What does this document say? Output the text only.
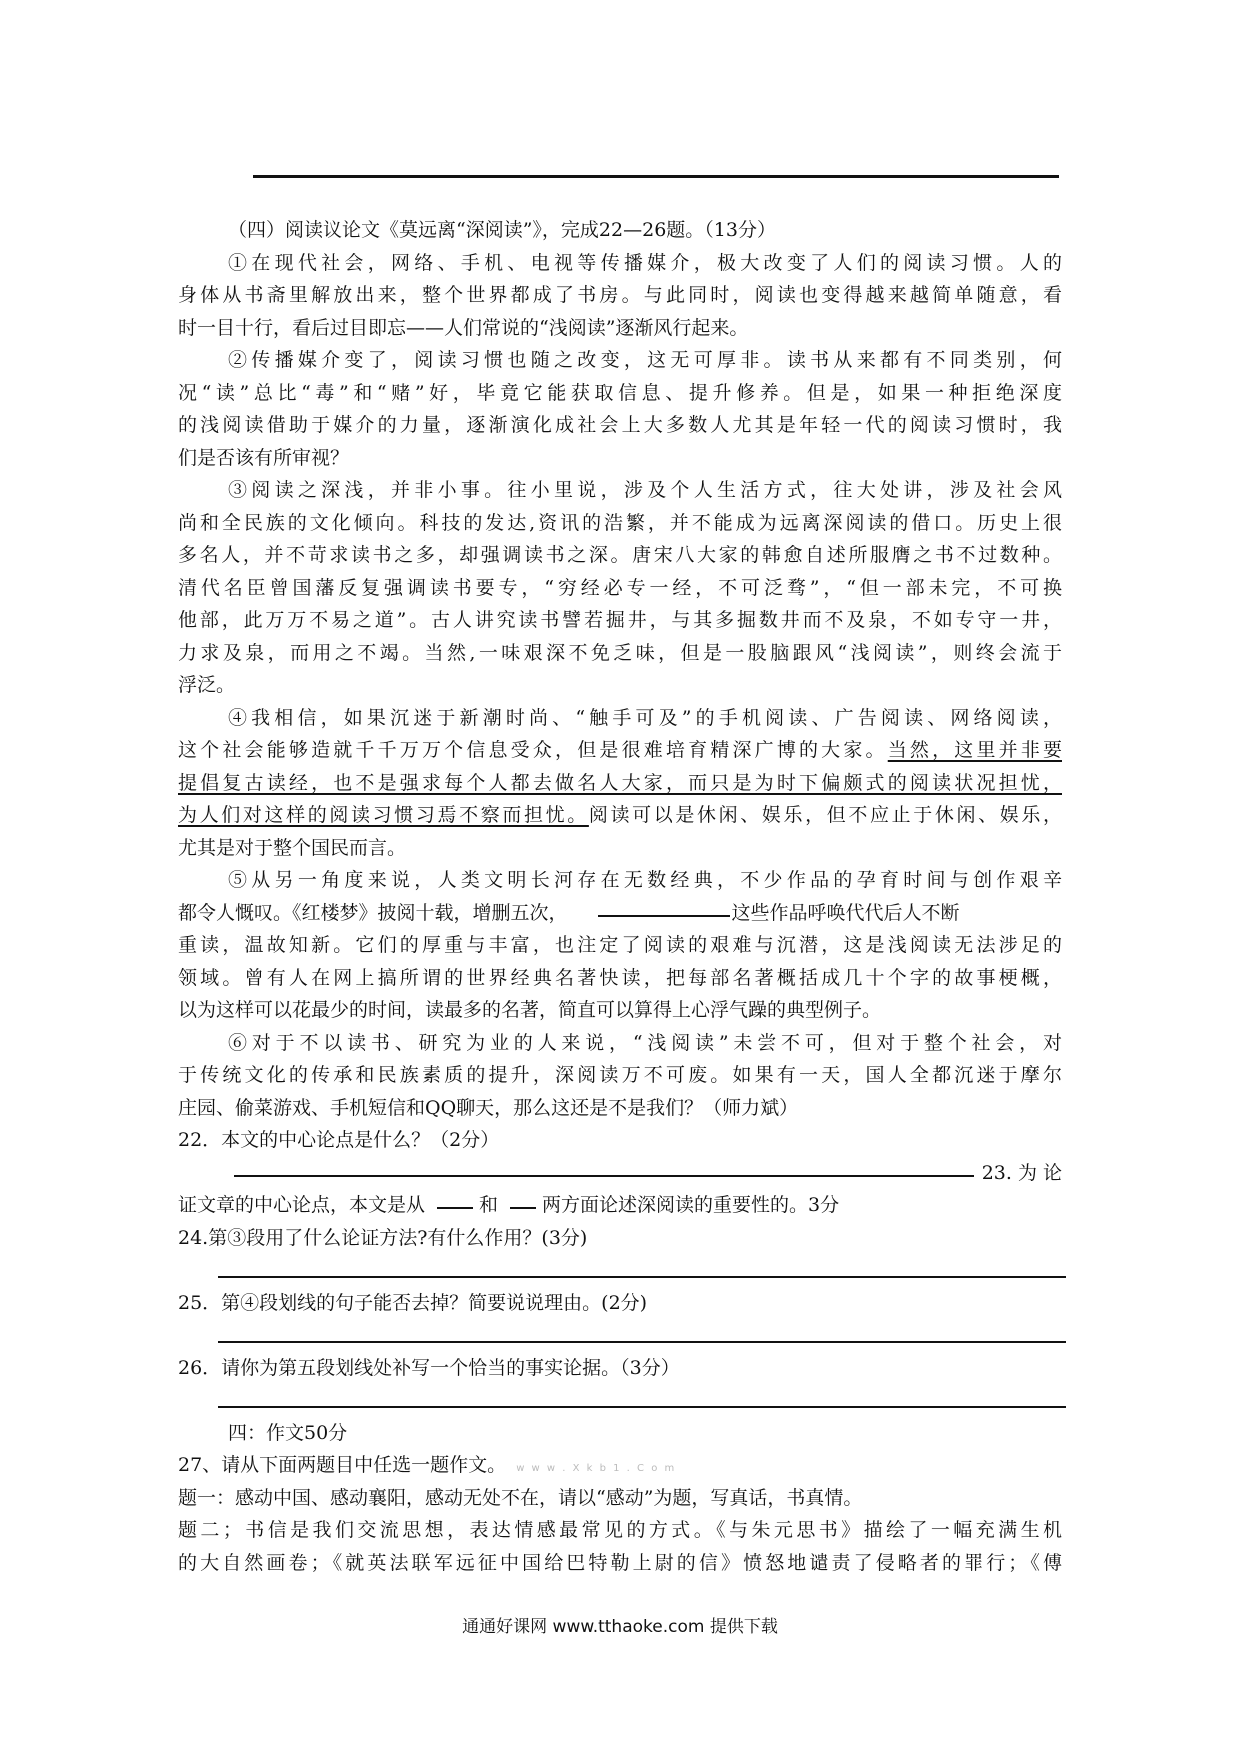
（四）阅读议论文《莫远离“深阅读”》，完成22—26题。（13分）
①在现代社会，网络、手机、电视等传播媒介，极大改变了人们的阅读习惯。人的
身体从书斋里解放出来，整个世界都成了书房。与此同时，阅读也变得越来越简单随意，看
时一目十行，看后过目即忘——人们常说的“浅阅读”逐渐风行起来。
②传播媒介变了，阅读习惯也随之改变，这无可厚非。读书从来都有不同类别，何
况“读”总比“毒”和“赌”好，毕竟它能获取信息、提升修养。但是，如果一种拒绝深度
的浅阅读借助于媒介的力量，逐渐演化成社会上大多数人尤其是年轻一代的阅读习惯时，我
们是否该有所审视？
③阅读之深浅，并非小事。往小里说，涉及个人生活方式，往大处讲，涉及社会风
尚和全民族的文化倾向。科技的发达,资讯的浩繁，并不能成为远离深阅读的借口。历史上很
多名人，并不苛求读书之多，却强调读书之深。唐宋八大家的韩愈自述所服膺之书不过数种。
清代名臣曾国藩反复强调读书要专，“穷经必专一经，不可泛骛”，“但一部未完，不可换
他部，此万万不易之道”。古人讲究读书譬若掘井，与其多掘数井而不及泉，不如专守一井，
力求及泉，而用之不竭。当然,一味艰深不免乏味，但是一股脑跟风“浅阅读”，则终会流于
浮泛。
④我相信，如果沉迷于新潮时尚、“触手可及”的手机阅读、广告阅读、网络阅读，
这个社会能够造就千千万万个信息受众，但是很难培育精深广博的大家。当然，这里并非要
提倡复古读经，也不是强求每个人都去做名人大家，而只是为时下偏颇式的阅读状况担忧，
为人们对这样的阅读习惯习焉不察而担忧。阅读可以是休闲、娱乐，但不应止于休闲、娱乐，
尤其是对于整个国民而言。
⑤从另一角度来说，人类文明长河存在无数经典，不少作品的孕育时间与创作艰辛
都令人慨叹。《红楼梦》披阅十载，增删五次，	这些作品呼唤代代后人不断
重读，温故知新。它们的厚重与丰富，也注定了阅读的艰难与沉潜，这是浅阅读无法涉足的
领域。曾有人在网上搞所谓的世界经典名著快读，把每部名著概括成几十个字的故事梗概，
以为这样可以花最少的时间，读最多的名著，简直可以算得上心浮气躁的典型例子。
⑥对于不以读书、研究为业的人来说，“浅阅读”未尝不可，但对于整个社会，对
于传统文化的传承和民族素质的提升，深阅读万不可废。如果有一天，国人全都沉迷于摩尔
庄园、偷菜游戏、手机短信和QQ聊天，那么这还是不是我们？（师力斌）
22．本文的中心论点是什么？（2分）
23. 为 论
证文章的中心论点，本文是从	和 两方面论述深阅读的重要性的。3分
24.第③段用了什么论证方法?有什么作用？(3分)
25．第④段划线的句子能否去掉？简要说说理由。(2分)
26．请你为第五段划线处补写一个恰当的事实论据。（3分）
四：作文50分
27、请从下面两题目中任选一题作文。 w w w . X k b 1 . C o m
题一：感动中国、感动襄阳，感动无处不在，请以“感动”为题，写真话，书真情。
题二；书信是我们交流思想，表达情感最常见的方式。《与朱元思书》描绘了一幅充满生机
的大自然画卷；《就英法联军远征中国给巴特勒上尉的信》愤怒地谴责了侵略者的罪行；《傅
通通好课网 www.tthaoke.com 提供下载
